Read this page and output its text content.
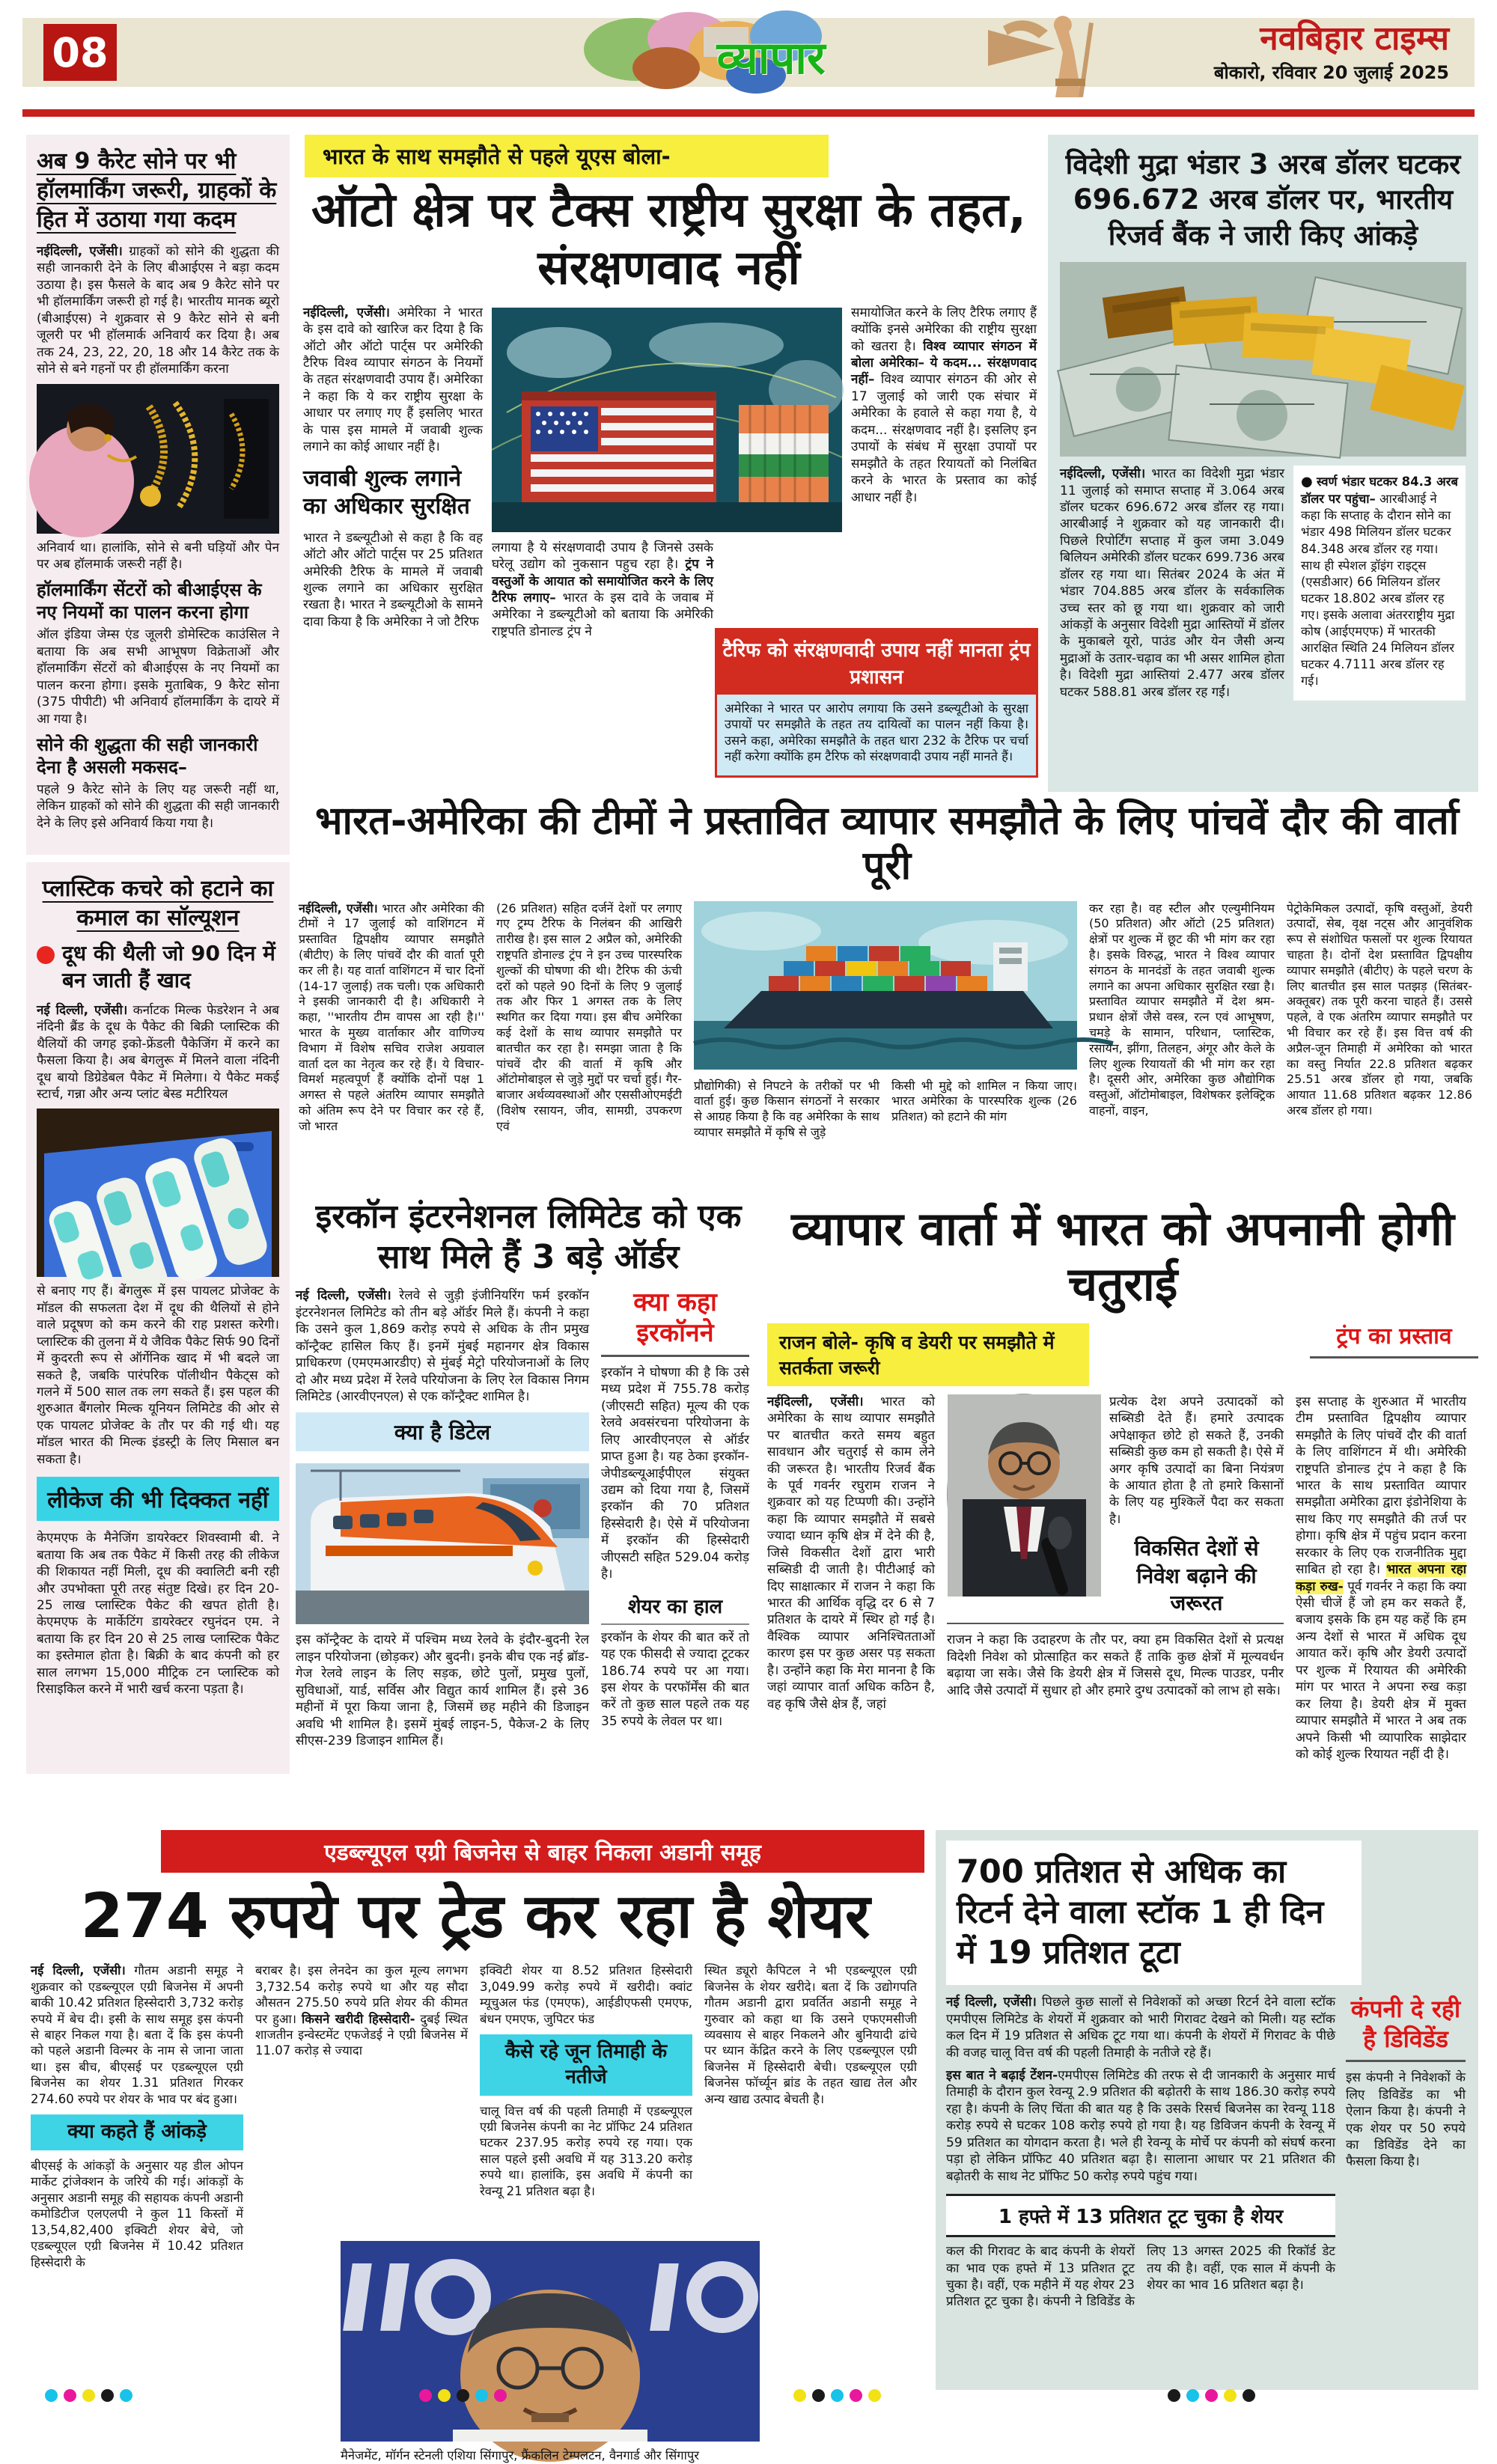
08	व्यापार	नवबिहार टाइम्स
बोकारो, रविवार 20 जुलाई 2025
अब 9 कैरेट सोने पर भी हॉलमार्किंग जरूरी, ग्राहकों के हित में उठाया गया कदम

नईदिल्ली, एजेंसी। ग्राहकों को सोने की शुद्धता की सही जानकारी देने के लिए बीआईएस ने बड़ा कदम उठाया है। इस फैसले के बाद अब 9 कैरेट सोने पर भी हॉलमार्किंग जरूरी हो गई है। भारतीय मानक ब्यूरो (बीआईएस) ने शुक्रवार से 9 कैरेट सोने से बनी जूलरी पर भी हॉलमार्क अनिवार्य कर दिया है। अब तक 24, 23, 22, 20, 18 और 14 कैरेट तक के सोने से बने गहनों पर ही हॉलमार्किंग करना

अनिवार्य था। हालांकि, सोने से बनी घड़ियों और पेन पर अब हॉलमार्क जरूरी नहीं है।

हॉलमार्किंग सेंटरों को बीआईएस के नए नियमों का पालन करना होगा

ऑल इंडिया जेम्स एंड जूलरी डोमेस्टिक काउंसिल ने बताया कि अब सभी आभूषण विक्रेताओं और हॉलमार्किंग सेंटरों को बीआईएस के नए नियमों का पालन करना होगा। इसके मुताबिक, 9 कैरेट सोना (375 पीपीटी) भी अनिवार्य हॉलमार्किंग के दायरे में आ गया है।

सोने की शुद्धता की सही जानकारी देना है असली मकसद–

पहले 9 कैरेट सोने के लिए यह जरूरी नहीं था, लेकिन ग्राहकों को सोने की शुद्धता की सही जानकारी देने के लिए इसे अनिवार्य किया गया है।

प्लास्टिक कचरे को हटाने का कमाल का सॉल्यूशन
दूध की थैली जो 90 दिन में बन जाती हैं खाद

नई दिल्ली, एजेंसी। कर्नाटक मिल्क फेडरेशन ने अब नंदिनी ब्रैंड के दूध के पैकेट की बिक्री प्लास्टिक की थैलियों की जगह इको-फ्रेंडली पैकेजिंग में करने का फैसला किया है। अब बेगलुरू में मिलने वाला नंदिनी दूध बायो डिग्रेडेबल पैकेट में मिलेगा। ये पैकेट मकई स्टार्च, गन्ना और अन्य प्लांट बेस्ड मटीरियल

से बनाए गए हैं। बेंगलुरू में इस पायलट प्रोजेक्ट के मॉडल की सफलता देश में दूध की थैलियों से होने वाले प्रदूषण को कम करने की राह प्रशस्त करेगी। प्लास्टिक की तुलना में ये जैविक पैकेट सिर्फ 90 दिनों में कुदरती रूप से ऑर्गेनिक खाद में भी बदले जा सकते है, जबकि पारंपरिक पॉलीथीन पैकेट्स को गलने में 500 साल तक लग सकते हैं। इस पहल की शुरुआत बैंगलोर मिल्क यूनियन लिमिटेड की ओर से एक पायलट प्रोजेक्ट के तौर पर की गई थी। यह मॉडल भारत की मिल्क इंडस्ट्री के लिए मिसाल बन सकता है।

लीकेज की भी दिक्कत नहीं

केएमएफ के मैनेजिंग डायरेक्टर शिवस्वामी बी. ने बताया कि अब तक पैकेट में किसी तरह की लीकेज की शिकायत नहीं मिली, दूध की क्वालिटी बनी रही और उपभोक्ता पूरी तरह संतुष्ट दिखे। हर दिन 20-25 लाख प्लास्टिक पैकेट की खपत होती है। केएमएफ के मार्केटिंग डायरेक्टर रघुनंदन एम. ने बताया कि हर दिन 20 से 25 लाख प्लास्टिक पैकेट का इस्तेमाल होता है। बिक्री के बाद कंपनी को हर साल लगभग 15,000 मीट्रिक टन प्लास्टिक को रिसाइकिल करने में भारी खर्च करना पड़ता है।

भारत के साथ समझौते से पहले यूएस बोला-
ऑटो क्षेत्र पर टैक्स राष्ट्रीय सुरक्षा के तहत, संरक्षणवाद नहीं

नईदिल्ली, एजेंसी। अमेरिका ने भारत के इस दावे को खारिज कर दिया है कि ऑटो और ऑटो पार्ट्स पर अमेरिकी टैरिफ विश्व व्यापार संगठन के नियमों के तहत संरक्षणवादी उपाय हैं। अमेरिका ने कहा कि ये कर राष्ट्रीय सुरक्षा के आधार पर लगाए गए हैं इसलिए भारत के पास इस मामले में जवाबी शुल्क लगाने का कोई आधार नहीं है।

जवाबी शुल्क लगाने का अधिकार सुरक्षित

भारत ने डब्ल्यूटीओ से कहा है कि वह ऑटो और ऑटो पार्ट्स पर 25 प्रतिशत अमेरिकी टैरिफ के मामले में जवाबी शुल्क लगाने का अधिकार सुरक्षित रखता है। भारत ने डब्ल्यूटीओ के सामने दावा किया है कि अमेरिका ने जो टैरिफ

लगाया है ये संरक्षणवादी उपाय है जिनसे उसके घरेलू उद्योग को नुकसान पहुच रहा है। ट्रंप ने वस्तुओं के आयात को समायोजित करने के लिए टैरिफ लगाए– भारत के इस दावे के जवाब में अमेरिका ने डब्ल्यूटीओ को बताया कि अमेरिकी राष्ट्रपति डोनाल्ड ट्रंप ने

समायोजित करने के लिए टैरिफ लगाए हैं क्योंकि इनसे अमेरिका की राष्ट्रीय सुरक्षा को खतरा है। विश्व व्यापार संगठन में बोला अमेरिका– ये कदम... संरक्षणवाद नहीं– विश्व व्यापार संगठन की ओर से 17 जुलाई को जारी एक संचार में अमेरिका के हवाले से कहा गया है, ये कदम... संरक्षणवाद नहीं है। इसलिए इन उपायों के संबंध में सुरक्षा उपायों पर समझौते के तहत रियायतों को निलंबित करने के भारत के प्रस्ताव का कोई आधार नहीं है।

टैरिफ को संरक्षणवादी उपाय नहीं मानता ट्रंप प्रशासन
अमेरिका ने भारत पर आरोप लगाया कि उसने डब्ल्यूटीओ के सुरक्षा उपायों पर समझौते के तहत तय दायित्वों का पालन नहीं किया है। उसने कहा, अमेरिका समझौते के तहत धारा 232 के टैरिफ पर चर्चा नहीं करेगा क्योंकि हम टैरिफ को संरक्षणवादी उपाय नहीं मानते हैं।
विदेशी मुद्रा भंडार 3 अरब डॉलर घटकर 696.672 अरब डॉलर पर, भारतीय रिजर्व बैंक ने जारी किए आंकड़े

नईदिल्ली, एजेंसी। भारत का विदेशी मुद्रा भंडार 11 जुलाई को समाप्त सप्ताह में 3.064 अरब डॉलर घटकर 696.672 अरब डॉलर रह गया। आरबीआई ने शुक्रवार को यह जानकारी दी। पिछले रिपोर्टिंग सप्ताह में कुल जमा 3.049 बिलियन अमेरिकी डॉलर घटकर 699.736 अरब डॉलर रह गया था। सितंबर 2024 के अंत में भंडार 704.885 अरब डॉलर के सर्वकालिक उच्च स्तर को छू गया था। शुक्रवार को जारी आंकड़ों के अनुसार विदेशी मुद्रा आस्तियों में डॉलर के मुकाबले यूरो, पाउंड और येन जैसी अन्य मुद्राओं के उतार-चढ़ाव का भी असर शामिल होता है। विदेशी मुद्रा आस्तियां 2.477 अरब डॉलर घटकर 588.81 अरब डॉलर रह गईं।

● स्वर्ण भंडार घटकर 84.3 अरब डॉलर पर पहुंचा– आरबीआई ने कहा कि सप्ताह के दौरान सोने का भंडार 498 मिलियन डॉलर घटकर 84.348 अरब डॉलर रह गया। साथ ही स्पेशल ड्रॉइंग राइट्स (एसडीआर) 66 मिलियन डॉलर घटकर 18.802 अरब डॉलर रह गए। इसके अलावा अंतरराष्ट्रीय मुद्रा कोष (आईएमएफ) में भारतकी आरक्षित स्थिति 24 मिलियन डॉलर घटकर 4.7111 अरब डॉलर रह गई।
भारत-अमेरिका की टीमों ने प्रस्तावित व्यापार समझौते के लिए पांचवें दौर की वार्ता पूरी
नईदिल्ली, एजेंसी। भारत और अमेरिका की टीमों ने 17 जुलाई को वाशिंगटन में प्रस्तावित द्विपक्षीय व्यापार समझौते (बीटीए) के लिए पांचवें दौर की वार्ता पूरी कर ली है। यह वार्ता वाशिंगटन में चार दिनों (14-17 जुलाई) तक चली। एक अधिकारी ने इसकी जानकारी दी है। अधिकारी ने कहा, ''भारतीय टीम वापस आ रही है।'' भारत के मुख्य वार्ताकार और वाणिज्य विभाग में विशेष सचिव राजेश अग्रवाल वार्ता दल का नेतृत्व कर रहे हैं। ये विचार-विमर्श महत्वपूर्ण हैं क्योंकि दोनों पक्ष 1 अगस्त से पहले अंतरिम व्यापार समझौते को अंतिम रूप देने पर विचार कर रहे हैं, जो भारत
(26 प्रतिशत) सहित दर्जनें देशों पर लगाए गए ट्रम्प टैरिफ के निलंबन की आखिरी तारीख है। इस साल 2 अप्रैल को, अमेरिकी राष्ट्रपति डोनाल्ड ट्रंप ने इन उच्च पारस्परिक शुल्कों की घोषणा की थी। टैरिफ की ऊंची दरों को पहले 90 दिनों के लिए 9 जुलाई तक और फिर 1 अगस्त तक के लिए स्थगित कर दिया गया। इस बीच अमेरिका कई देशों के साथ व्यापार समझौते पर बातचीत कर रहा है। समझा जाता है कि पांचवें दौर की वार्ता में कृषि और ऑटोमोबाइल से जुड़े मुद्दों पर चर्चा हुई। गैर-बाजार अर्थव्यवस्थाओं और एससीओएमईटी (विशेष रसायन, जीव, सामग्री, उपकरण एवं
प्रौद्योगिकी) से निपटने के तरीकों पर भी वार्ता हुई। कुछ किसान संगठनों ने सरकार से आग्रह किया है कि वह अमेरिका के साथ व्यापार समझौते में कृषि से जुड़े
किसी भी मुद्दे को शामिल न किया जाए। भारत अमेरिका के पारस्परिक शुल्क (26 प्रतिशत) को हटाने की मांग
कर रहा है। वह स्टील और एल्युमीनियम (50 प्रतिशत) और ऑटो (25 प्रतिशत) क्षेत्रों पर शुल्क में छूट की भी मांग कर रहा है। इसके विरुद्ध, भारत ने विश्व व्यापार संगठन के मानदंडों के तहत जवाबी शुल्क लगाने का अपना अधिकार सुरक्षित रखा है। प्रस्तावित व्यापार समझौते में देश श्रम-प्रधान क्षेत्रों जैसे वस्त्र, रत्न एवं आभूषण, चमड़े के सामान, परिधान, प्लास्टिक, रसायन, झींगा, तिलहन, अंगूर और केले के लिए शुल्क रियायतों की भी मांग कर रहा है। दूसरी ओर, अमेरिका कुछ औद्योगिक वस्तुओं, ऑटोमोबाइल, विशेषकर इलेक्ट्रिक वाहनों, वाइन,
पेट्रोकेमिकल उत्पादों, कृषि वस्तुओं, डेयरी उत्पादों, सेब, वृक्ष नट्स और आनुवंशिक रूप से संशोधित फसलों पर शुल्क रियायत चाहता है। दोनों देश प्रस्तावित द्विपक्षीय व्यापार समझौते (बीटीए) के पहले चरण के लिए बातचीत इस साल पतझड़ (सितंबर-अक्तूबर) तक पूरी करना चाहते हैं। उससे पहले, वे एक अंतरिम व्यापार समझौते पर भी विचार कर रहे हैं। इस वित्त वर्ष की अप्रैल-जून तिमाही में अमेरिका को भारत का वस्तु निर्यात 22.8 प्रतिशत बढ़कर 25.51 अरब डॉलर हो गया, जबकि आयात 11.68 प्रतिशत बढ़कर 12.86 अरब डॉलर हो गया।
इरकॉन इंटरनेशनल लिमिटेड को एक साथ मिले हैं 3 बड़े ऑर्डर

नई दिल्ली, एजेंसी। रेलवे से जुड़ी इंजीनियरिंग फर्म इरकॉन इंटरनेशनल लिमिटेड को तीन बड़े ऑर्डर मिले हैं। कंपनी ने कहा कि उसने कुल 1,869 करोड़ रुपये से अधिक के तीन प्रमुख कॉन्ट्रैक्ट हासिल किए हैं। इनमें मुंबई महानगर क्षेत्र विकास प्राधिकरण (एमएमआरडीए) से मुंबई मेट्रो परियोजनाओं के लिए दो और मध्य प्रदेश में रेलवे परियोजना के लिए रेल विकास निगम लिमिटेड (आरवीएनएल) से एक कॉन्ट्रैक्ट शामिल है।

क्या है डिटेल

इस कॉन्ट्रैक्ट के दायरे में पश्चिम मध्य रेलवे के इंदौर-बुदनी रेल लाइन परियोजना (छोड़कर) और बुदनी। इनके बीच एक नई ब्रॉड-गेज रेलवे लाइन के लिए सड़क, छोटे पुलों, प्रमुख पुलों, सुविधाओं, यार्ड, सर्विस और विद्युत कार्य शामिल हैं। इसे 36 महीनों में पूरा किया जाना है, जिसमें छह महीने की डिजाइन अवधि भी शामिल है। इसमें मुंबई लाइन-5, पैकेज-2 के लिए सीएस-239 डिजाइन शामिल हैं।

क्या कहा इरकॉनने

इरकॉन ने घोषणा की है कि उसे मध्य प्रदेश में 755.78 करोड़ (जीएसटी सहित) मूल्य की एक रेलवे अवसंरचना परियोजना के लिए आरवीएनएल से ऑर्डर प्राप्त हुआ है। यह ठेका इरकॉन-जेपीडब्ल्यूआईपीएल संयुक्त उद्यम को दिया गया है, जिसमें इरकॉन की 70 प्रतिशत हिस्सेदारी है। ऐसे में परियोजना में इरकॉन की हिस्सेदारी जीएसटी सहित 529.04 करोड़ है।

शेयर का हाल

इरकॉन के शेयर की बात करें तो यह एक फीसदी से ज्यादा टूटकर 186.74 रुपये पर आ गया। इस शेयर के परफॉर्मेंस की बात करें तो कुछ साल पहले तक यह 35 रुपये के लेवल पर था।

व्यापार वार्ता में भारत को अपनानी होगी चतुराई
राजन बोले- कृषि व डेयरी पर समझौते में सतर्कता जरूरी
ट्रंप का प्रस्ताव
नईदिल्ली, एजेंसी। भारत को अमेरिका के साथ व्यापार समझौते पर बातचीत करते समय बहुत सावधान और चतुराई से काम लेने की जरूरत है। भारतीय रिजर्व बैंक के पूर्व गवर्नर रघुराम राजन ने शुक्रवार को यह टिप्पणी की। उन्होंने कहा कि व्यापार समझौते में सबसे ज्यादा ध्यान कृषि क्षेत्र में देने की है, जिसे विकसीत देशों द्वारा भारी सब्सिडी दी जाती है। पीटीआई को दिए साक्षात्कार में राजन ने कहा कि भारत की आर्थिक वृद्धि दर 6 से 7 प्रतिशत के दायरे में स्थिर हो गई है। वैश्विक व्यापार अनिश्चितताओं कारण इस पर कुछ असर पड़ सकता है। उन्होंने कहा कि मेरा मानना है कि जहां व्यापार वार्ता अधिक कठिन है, वह कृषि जैसे क्षेत्र हैं, जहां

प्रत्येक देश अपने उत्पादकों को सब्सिडी देते हैं। हमारे उत्पादक अपेक्षाकृत छोटे हो सकते हैं, उनकी सब्सिडी कुछ कम हो सकती है। ऐसे में अगर कृषि उत्पादों का बिना नियंत्रण के आयात होता है तो हमारे किसानों के लिए यह मुश्किलें पैदा कर सकता है।

विकसित देशों से निवेश बढ़ाने की जरूरत

राजन ने कहा कि उदाहरण के तौर पर, क्या हम विकसित देशों से प्रत्यक्ष विदेशी निवेश को प्रोत्साहित कर सकते हैं ताकि कुछ क्षेत्रों में मूल्यवर्धन बढ़ाया जा सके। जैसे कि डेयरी क्षेत्र में जिससे दूध, मिल्क पाउडर, पनीर आदि जैसे उत्पादों में सुधार हो और हमारे दुग्ध उत्पादकों को लाभ हो सके।

इस सप्ताह के शुरुआत में भारतीय टीम प्रस्तावित द्विपक्षीय व्यापार समझौते के लिए पांचवें दौर की वार्ता के लिए वाशिंगटन में थी। अमेरिकी राष्ट्रपति डोनाल्ड ट्रंप ने कहा है कि भारत के साथ प्रस्तावित व्यापार समझौता अमेरिका द्वारा इंडोनेशिया के साथ किए गए समझौते की तर्ज पर होगा। कृषि क्षेत्र में पहुंच प्रदान करना सरकार के लिए एक राजनीतिक मुद्दा साबित हो रहा है। भारत अपना रहा कड़ा रुख- पूर्व गवर्नर ने कहा कि क्या ऐसी चीजें हैं जो हम कर सकते हैं, बजाय इसके कि हम यह कहें कि हम अन्य देशों से भारत में अधिक दूध आयात करें। कृषि और डेयरी उत्पादों पर शुल्क में रियायत की अमेरिकी मांग पर भारत ने अपना रुख कड़ा कर लिया है। डेयरी क्षेत्र में मुक्त व्यापार समझौते में भारत ने अब तक अपने किसी भी व्यापारिक साझेदार को कोई शुल्क रियायत नहीं दी है।
एडब्ल्यूएल एग्री बिजनेस से बाहर निकला अडानी समूह
274 रुपये पर ट्रेड कर रहा है शेयर
नई दिल्ली, एजेंसी। गौतम अडानी समूह ने शुक्रवार को एडब्ल्यूएल एग्री बिजनेस में अपनी बाकी 10.42 प्रतिशत हिस्सेदारी 3,732 करोड़ रुपये में बेच दी। इसी के साथ समूह इस कंपनी से बाहर निकल गया है। बता दें कि इस कंपनी को पहले अडानी विल्मर के नाम से जाना जाता था। इस बीच, बीएसई पर एडब्ल्यूएल एग्री बिजनेस का शेयर 1.31 प्रतिशत गिरकर 274.60 रुपये पर शेयर के भाव पर बंद हुआ।
क्या कहते हैं आंकड़े
बीएसई के आंकड़ों के अनुसार यह डील ओपन मार्केट ट्रांजेक्शन के जरिये की गई। आंकड़ों के अनुसार अडानी समूह की सहायक कंपनी अडानी कमोडिटीज एलएलपी ने कुल 11 किस्तों में 13,54,82,400 इक्विटी शेयर बेचे, जो एडब्ल्यूएल एग्री बिजनेस में 10.42 प्रतिशत हिस्सेदारी के
बराबर है। इस लेनदेन का कुल मूल्य लगभग 3,732.54 करोड़ रुपये था और यह सौदा औसतन 275.50 रुपये प्रति शेयर की कीमत पर हुआ। किसने खरीदी हिस्सेदारी- दुबई स्थित शाजतीन इन्वेस्टमेंट एफजेडई ने एग्री बिजनेस में 11.07 करोड़ से ज्यादा
इक्विटी शेयर या 8.52 प्रतिशत हिस्सेदारी 3,049.99 करोड़ रुपये में खरीदी। क्वांट म्यूचुअल फंड (एमएफ), आईडीएफसी एमएफ, बंधन एमएफ, जुपिटर फंड
कैसे रहे जून तिमाही के नतीजे
चालू वित्त वर्ष की पहली तिमाही में एडब्ल्यूएल एग्री बिजनेस कंपनी का नेट प्रॉफिट 24 प्रतिशत घटकर 237.95 करोड़ रुपये रह गया। एक साल पहले इसी अवधि में यह 313.20 करोड़ रुपये था। हालांकि, इस अवधि में कंपनी का रेवन्यू 21 प्रतिशत बढ़ा है।
स्थित ड्यूरो कैपिटल ने भी एडब्ल्यूएल एग्री बिजनेस के शेयर खरीदे। बता दें कि उद्योगपति गौतम अडानी द्वारा प्रवर्तित अडानी समूह ने गुरुवार को कहा था कि उसने एफएमसीजी व्यवसाय से बाहर निकलने और बुनियादी ढांचे पर ध्यान केंद्रित करने के लिए एडब्ल्यूएल एग्री बिजनेस में हिस्सेदारी बेची। एडब्ल्यूएल एग्री बिजनेस फॉर्च्यून ब्रांड के तहत खाद्य तेल और अन्य खाद्य उत्पाद बेचती है।
मैनेजमेंट, मॉर्गन स्टेनली एशिया सिंगापुर, फ्रैंकलिन टेम्पलटन, वैनगार्ड और सिंगापुर
700 प्रतिशत से अधिक का रिटर्न देने वाला स्टॉक 1 ही दिन में 19 प्रतिशत टूटा

नई दिल्ली, एजेंसी। पिछले कुछ सालों से निवेशकों को अच्छा रिटर्न देने वाला स्टॉक एमपीएस लिमिटेड के शेयरों में शुक्रवार को भारी गिरावट देखने को मिली। यह स्टॉक कल दिन में 19 प्रतिशत से अधिक टूट गया था। कंपनी के शेयरों में गिरावट के पीछे की वजह चालू वित्त वर्ष की पहली तिमाही के नतीजे रहे हैं।

इस बात ने बढ़ाई टेंशन-एमपीएस लिमिटेड की तरफ से दी जानकारी के अनुसार मार्च तिमाही के दौरान कुल रेवन्यू 2.9 प्रतिशत की बढ़ोतरी के साथ 186.30 करोड़ रुपये रहा है। कंपनी के लिए चिंता की बात यह है कि उसके रिसर्च बिजनेस का रेवन्यू 118 करोड़ रुपये से घटकर 108 करोड़ रुपये हो गया है। यह डिविजन कंपनी के रेवन्यू में 59 प्रतिशत का योगदान करता है। भले ही रेवन्यू के मोर्चे पर कंपनी को संघर्ष करना पड़ा हो लेकिन प्रॉफिट 40 प्रतिशत बढ़ा है। सालाना आधार पर 21 प्रतिशत की बढ़ोतरी के साथ नेट प्रॉफिट 50 करोड़ रुपये पहुंच गया।

1 हफ्ते में 13 प्रतिशत टूट चुका है शेयर
कल की गिरावट के बाद कंपनी के शेयरों का भाव एक हफ्ते में 13 प्रतिशत टूट चुका है। वहीं, एक महीने में यह शेयर 23 प्रतिशत टूट चुका है। कंपनी ने डिविडेंड के लिए 13 अगस्त 2025 की रिकॉर्ड डेट तय की है। वहीं, एक साल में कंपनी के शेयर का भाव 16 प्रतिशत बढ़ा है।
कंपनी दे रही है डिविडेंड

इस कंपनी ने निवेशकों के लिए डिविडेंड का भी ऐलान किया है। कंपनी ने एक शेयर पर 50 रुपये का डिविडेंड देने का फैसला किया है।
